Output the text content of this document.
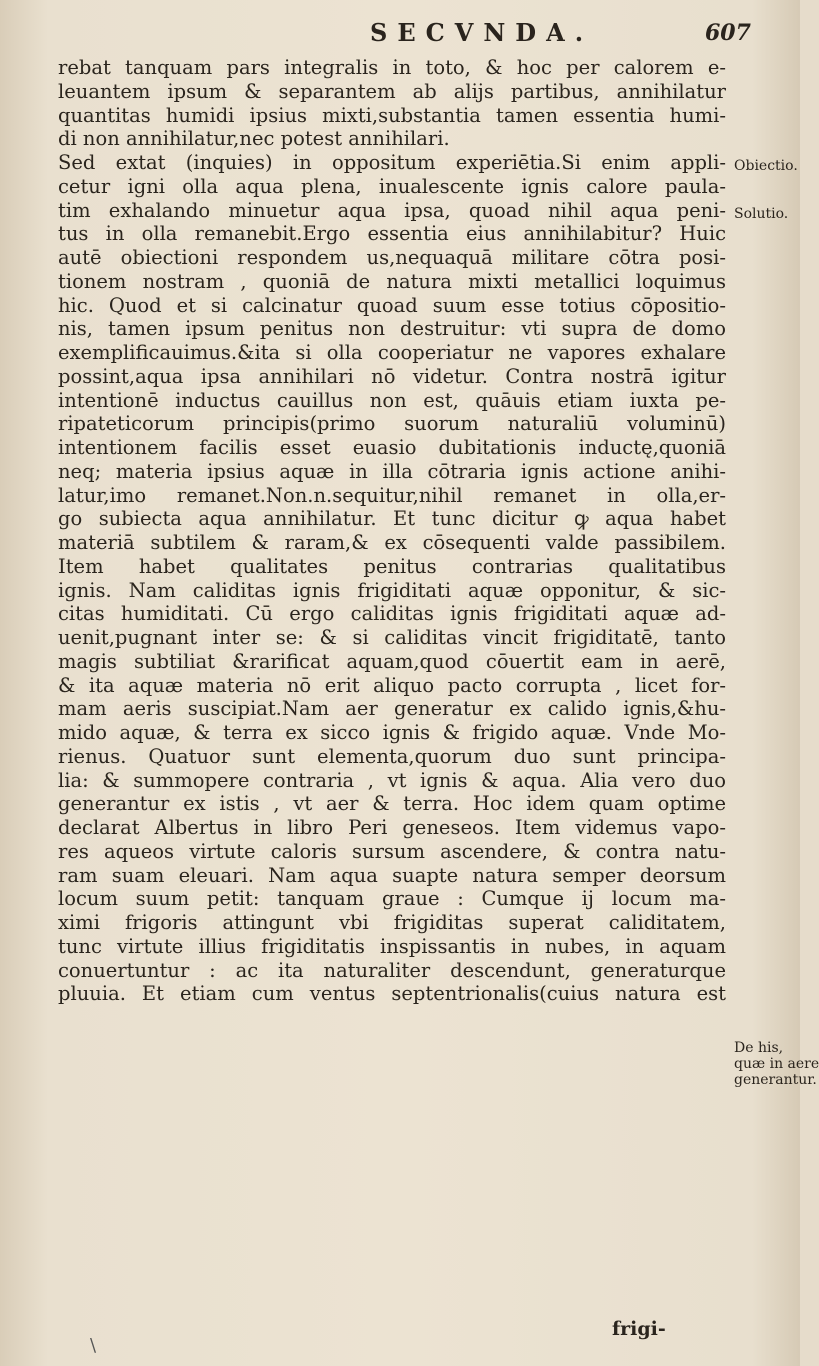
SECVNDA.	607
rebat tanquam pars integralis in toto, & hoc per calorem e-
leuantem ipsum & separantem ab alijs partibus, annihilatur
quantitas humidi ipsius mixti,substantia tamen essentia humi-
di non annihilatur,nec potest annihilari.
Sed extat (inquies) in oppositum experiētia.Si enim appli-
cetur igni olla aqua plena, inualescente ignis calore paula-
tim exhalando minuetur aqua ipsa, quoad nihil aqua peni-
tus in olla remanebit.Ergo essentia eius annihilabitur? Huic
autē obiectioni respondem us,nequaquā militare cōtra posi-
tionem nostram , quoniā de natura mixti metallici loquimus
hic. Quod et si calcinatur quoad suum esse totius cōpositio-
nis, tamen ipsum penitus non destruitur: vti supra de domo
exemplificauimus.&ita si olla cooperiatur ne vapores exhalare
possint,aqua ipsa annihilari nō videtur. Contra nostrā igitur
intentionē inductus cauillus non est, quāuis etiam iuxta pe-
ripateticorum principis(primo suorum naturaliū voluminū)
intentionem facilis esset euasio dubitationis inductę,quoniā
neq; materia ipsius aquæ in illa cōtraria ignis actione anihi-
latur,imo remanet.Non.n.sequitur,nihil remanet in olla,er-
go subiecta aqua annihilatur. Et tunc dicitur ꝙ aqua habet
materiā subtilem & raram,& ex cōsequenti valde passibilem.
Item habet qualitates penitus contrarias qualitatibus
ignis. Nam caliditas ignis frigiditati aquæ opponitur, & sic-
citas humiditati. Cū ergo caliditas ignis frigiditati aquæ ad-
uenit,pugnant inter se: & si caliditas vincit frigiditatē, tanto
magis subtiliat &rarificat aquam,quod cōuertit eam in aerē,
& ita aquæ materia nō erit aliquo pacto corrupta , licet for-
mam aeris suscipiat.Nam aer generatur ex calido ignis,&hu-
mido aquæ, & terra ex sicco ignis & frigido aquæ. Vnde Mo-
rienus. Quatuor sunt elementa,quorum duo sunt principa-
lia: & summopere contraria , vt ignis & aqua. Alia vero duo
generantur ex istis , vt aer & terra. Hoc idem quam optime
declarat Albertus in libro Peri geneseos. Item videmus vapo-
res aqueos virtute caloris sursum ascendere, & contra natu-
ram suam eleuari. Nam aqua suapte natura semper deorsum
locum suum petit: tanquam graue : Cumque ij locum ma-
ximi frigoris attingunt vbi frigiditas superat caliditatem,
tunc virtute illius frigiditatis inspissantis in nubes, in aquam
conuertuntur : ac ita naturaliter descendunt, generaturque
pluuia. Et etiam cum ventus septentrionalis(cuius natura est
frigi-
Obiectio.
Solutio.
De his,
quæ in aere
generantur.
\
